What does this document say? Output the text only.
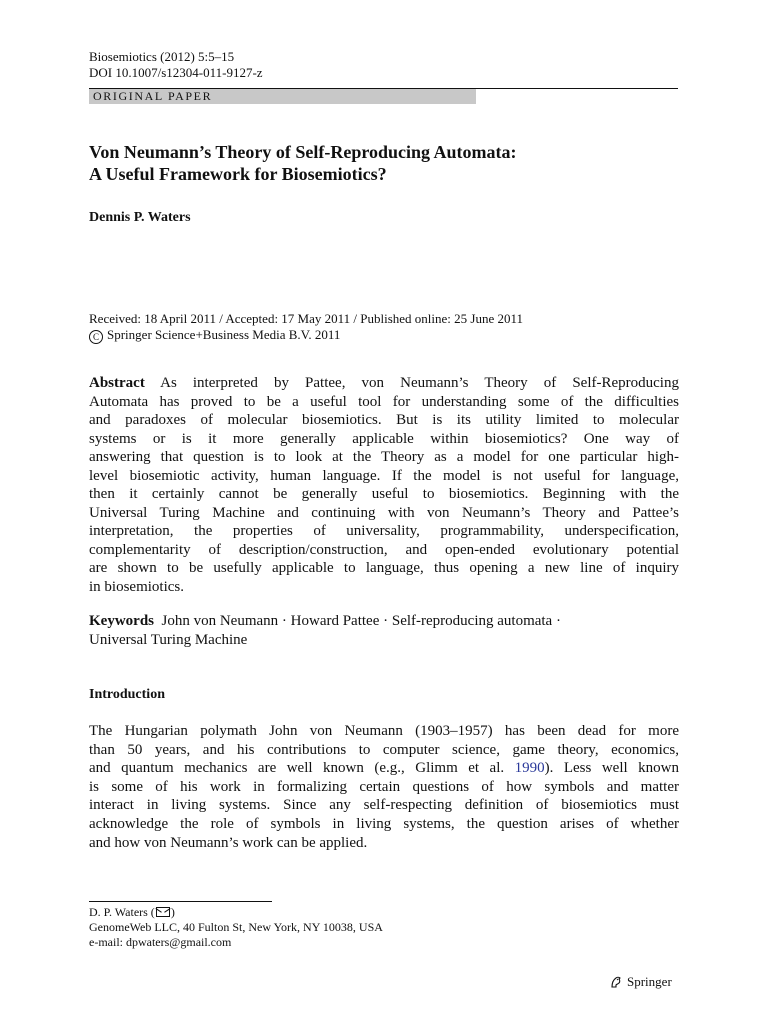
Biosemiotics (2012) 5:5–15
DOI 10.1007/s12304-011-9127-z
ORIGINAL PAPER
Von Neumann’s Theory of Self-Reproducing Automata:
A Useful Framework for Biosemiotics?
Dennis P. Waters
Received: 18 April 2011 / Accepted: 17 May 2011 / Published online: 25 June 2011
C Springer Science+Business Media B.V. 2011
Abstract As interpreted by Pattee, von Neumann’s Theory of Self-Reproducing
Automata has proved to be a useful tool for understanding some of the difficulties
and paradoxes of molecular biosemiotics. But is its utility limited to molecular
systems or is it more generally applicable within biosemiotics? One way of
answering that question is to look at the Theory as a model for one particular high-
level biosemiotic activity, human language. If the model is not useful for language,
then it certainly cannot be generally useful to biosemiotics. Beginning with the
Universal Turing Machine and continuing with von Neumann’s Theory and Pattee’s
interpretation, the properties of universality, programmability, underspecification,
complementarity of description/construction, and open-ended evolutionary potential
are shown to be usefully applicable to language, thus opening a new line of inquiry
in biosemiotics.
Keywords John von Neumann · Howard Pattee · Self-reproducing automata ·
Universal Turing Machine
Introduction
The Hungarian polymath John von Neumann (1903–1957) has been dead for more
than 50 years, and his contributions to computer science, game theory, economics,
and quantum mechanics are well known (e.g., Glimm et al. 1990). Less well known
is some of his work in formalizing certain questions of how symbols and matter
interact in living systems. Since any self-respecting definition of biosemiotics must
acknowledge the role of symbols in living systems, the question arises of whether
and how von Neumann’s work can be applied.
D. P. Waters ( )
GenomeWeb LLC, 40 Fulton St, New York, NY 10038, USA
e-mail: dpwaters@gmail.com
Springer
